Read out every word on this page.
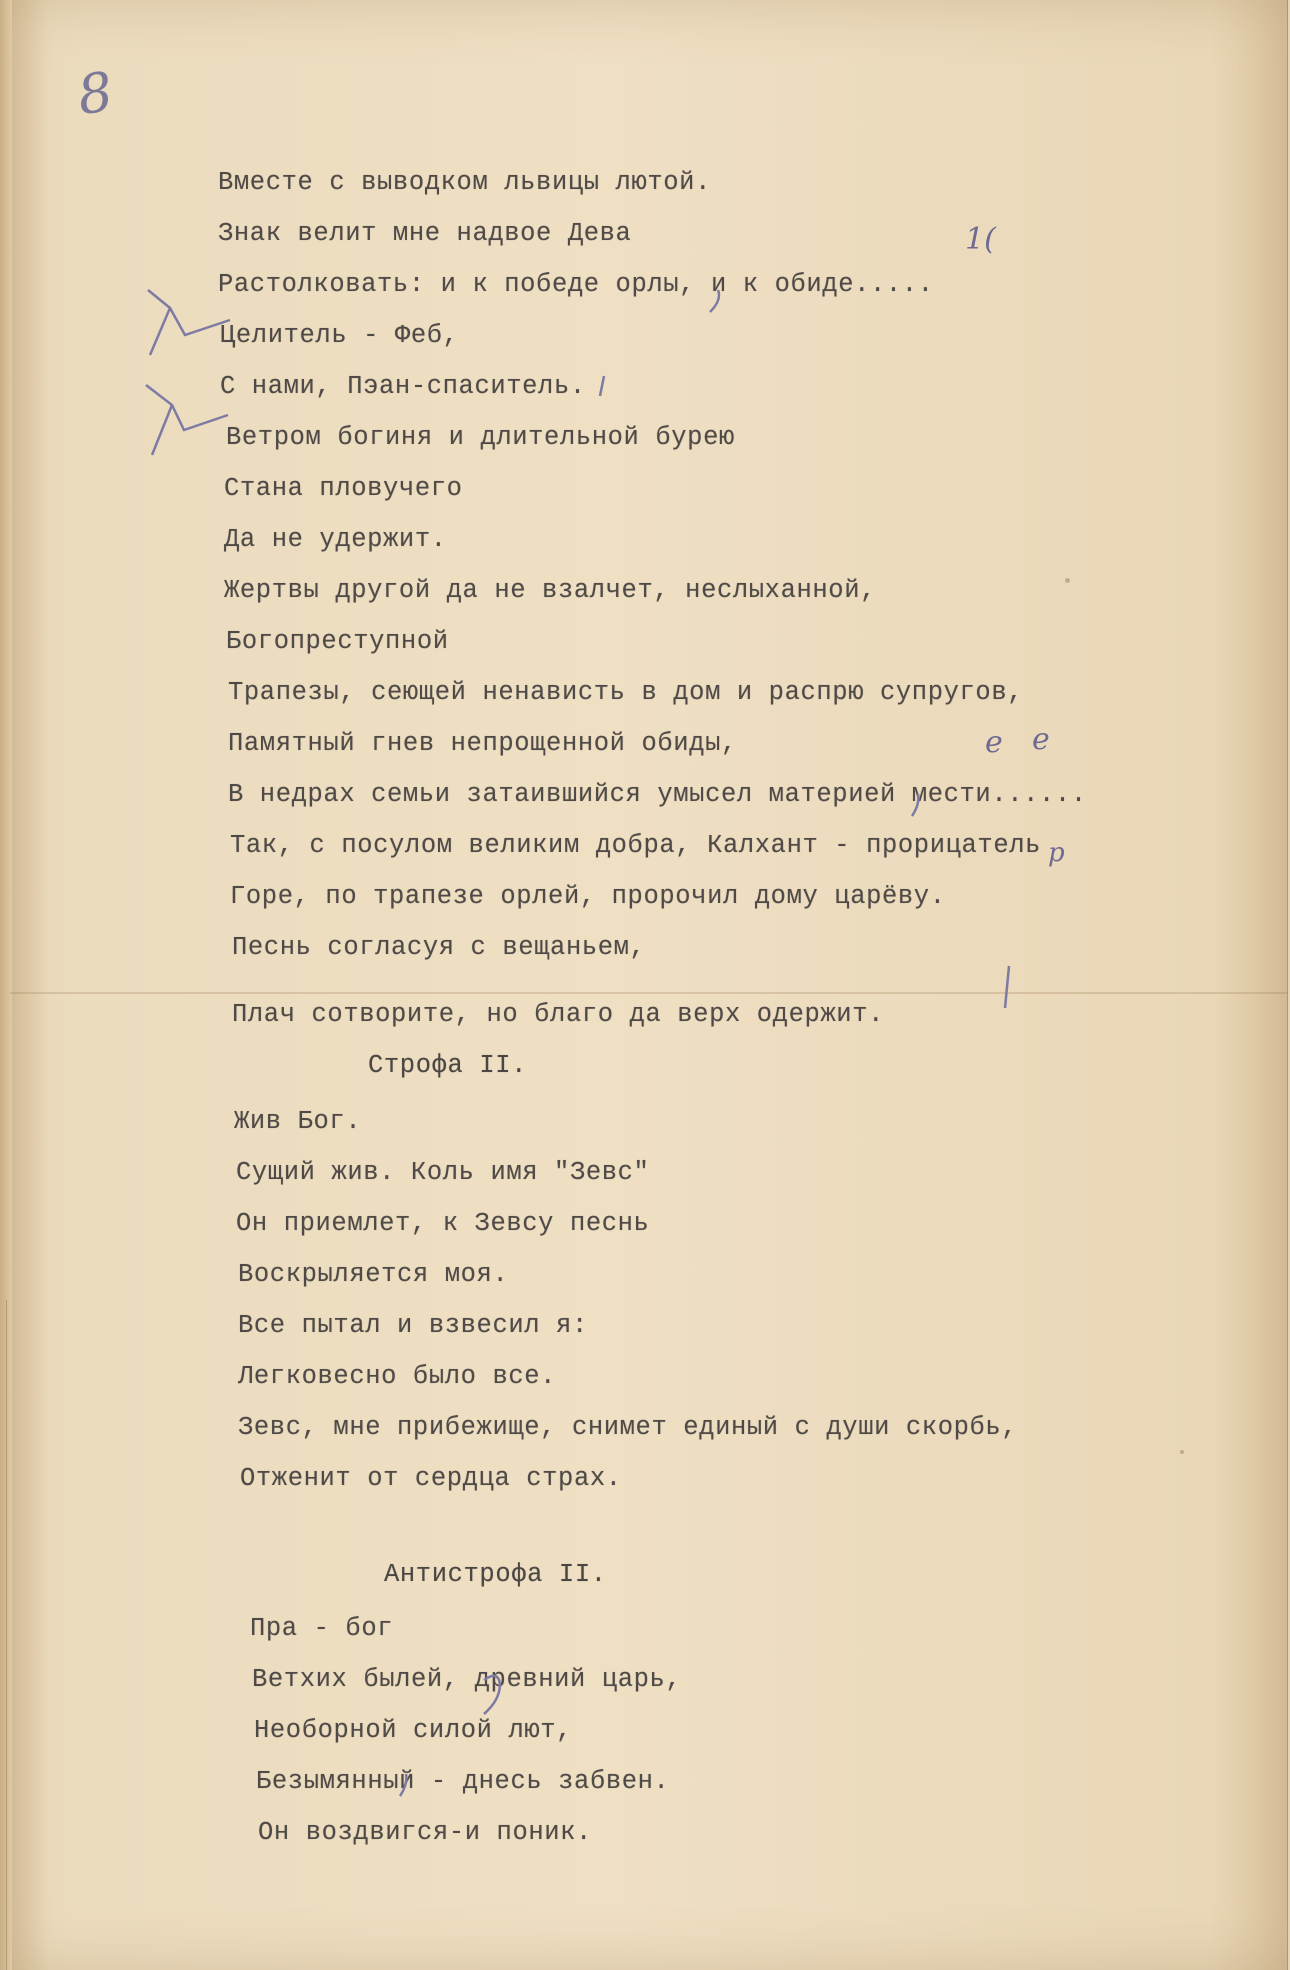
8
Вместе с выводком львицы лютой.
Знак велит мне надвое Дева
Растолковать: и к победе орлы, и к обиде.....
Целитель - Феб,
С нами, Пэан-спаситель.
Ветром богиня и длительной бурею
Стана пловучего
Да не удержит.
Жертвы другой да не взалчет, неслыханной,
Богопреступной
Трапезы, сеющей ненависть в дом и распрю супругов,
Памятный гнев непрощенной обиды,
В недрах семьи затаившийся умысел материей мести......
Так, с посулом великим добра, Калхант - прорицатель
Горе, по трапезе орлей, пророчил дому царёву.
Песнь согласуя с вещаньем,
Плач сотворите, но благо да верх одержит.
Строфа II.
Жив Бог.
Сущий жив. Коль имя "Зевс"
Он приемлет, к Зевсу песнь
Воскрыляется моя.
Все пытал и взвесил я:
Легковесно было все.
Зевс, мне прибежище, снимет единый с души скорбь,
Отженит от сердца страх.
Антистрофа II.
Пра - бог
Ветхих былей, древний царь,
Необорной силой лют,
Безымянный - днесь забвен.
Он воздвигся-и поник.
1(
е е
р
